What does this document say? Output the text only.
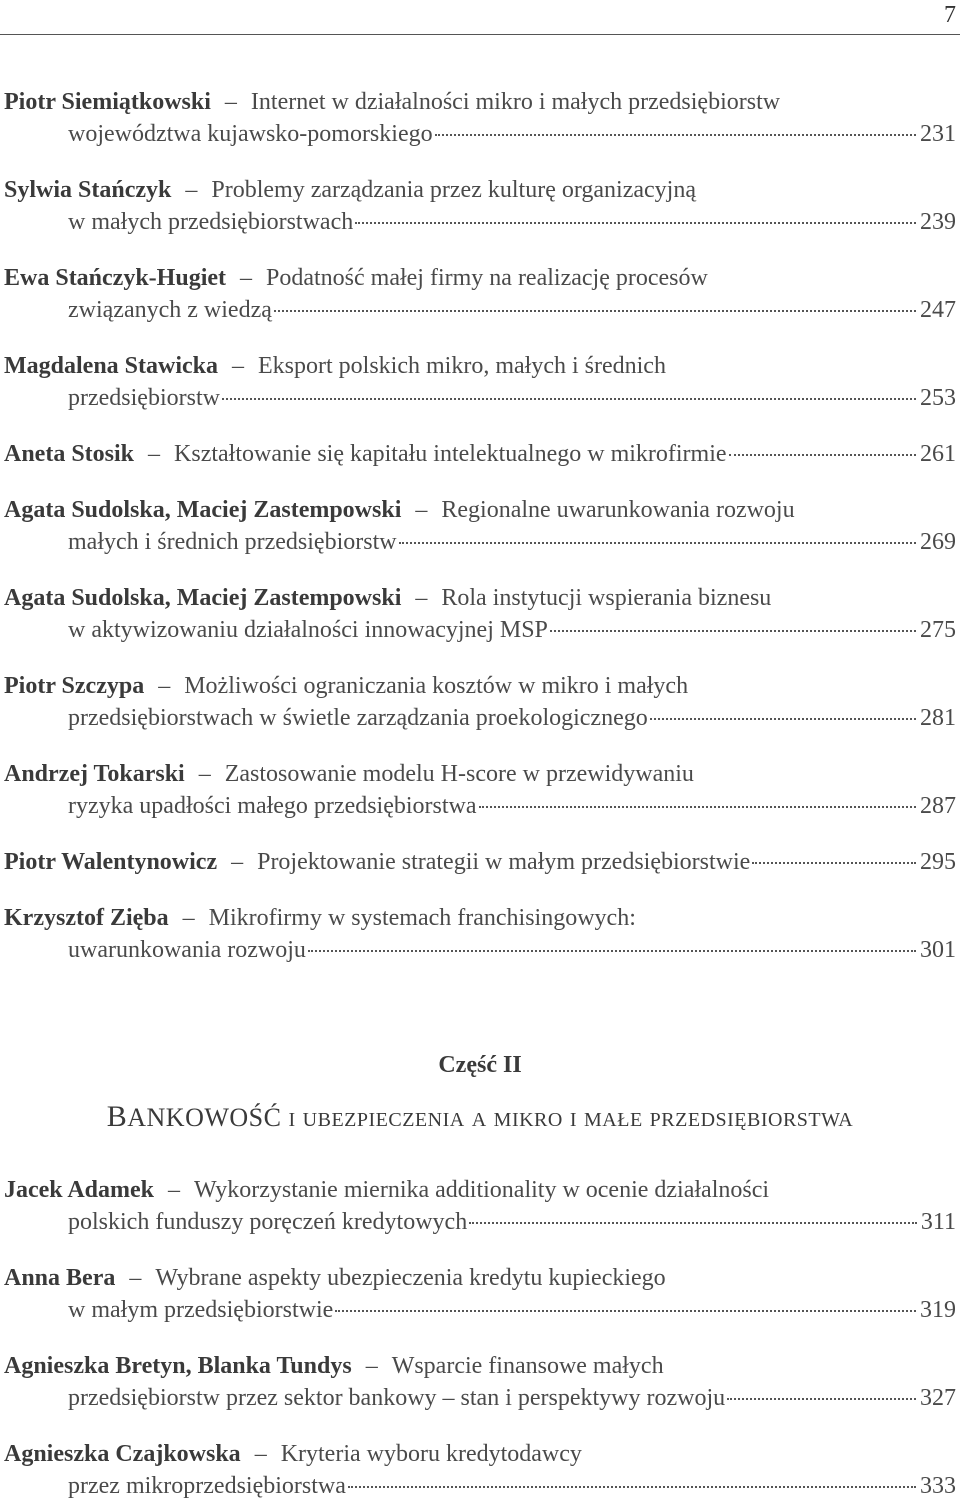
7
Piotr Siemiątkowski – Internet w działalności mikro i małych przedsiębiorstw
województwa kujawsko-pomorskiego	231
Sylwia Stańczyk – Problemy zarządzania przez kulturę organizacyjną
w małych przedsiębiorstwach	239
Ewa Stańczyk-Hugiet – Podatność małej firmy na realizację procesów
związanych z wiedzą	247
Magdalena Stawicka – Eksport polskich mikro, małych i średnich
przedsiębiorstw	253
Aneta Stosik – Kształtowanie się kapitału intelektualnego w mikrofirmie	261
Agata Sudolska , Maciej Zastempowski – Regionalne uwarunkowania rozwoju
małych i średnich przedsiębiorstw	269
Agata Sudolska , Maciej Zastempowski – Rola instytucji wspierania biznesu
w aktywizowaniu działalności innowacyjnej MSP	275
Piotr Szczypa – Możliwości ograniczania kosztów w mikro i małych
przedsiębiorstwach w świetle zarządzania proekologicznego	281
Andrzej Tokarski – Zastosowanie modelu H-score w przewidywaniu
ryzyka upadłości małego przedsiębiorstwa	287
Piotr Walentynowicz – Projektowanie strategii w małym przedsiębiorstwie	295
Krzysztof Zięba – Mikrofirmy w systemach franchisingowych:
uwarunkowania rozwoju	301
Część II
BANKOWOŚĆ I UBEZPIECZENIA A MIKRO I MAŁE PRZEDSIĘBIORSTWA
Jacek Adamek – Wykorzystanie miernika additionality w ocenie działalności
polskich funduszy poręczeń kredytowych	311
Anna Bera – Wybrane aspekty ubezpieczenia kredytu kupieckiego
w małym przedsiębiorstwie	319
Agnieszka Bretyn , Blanka Tundys – Wsparcie finansowe małych
przedsiębiorstw przez sektor bankowy – stan i perspektywy rozwoju	327
Agnieszka Czajkowska – Kryteria wyboru kredytodawcy
przez mikroprzedsiębiorstwa	333
